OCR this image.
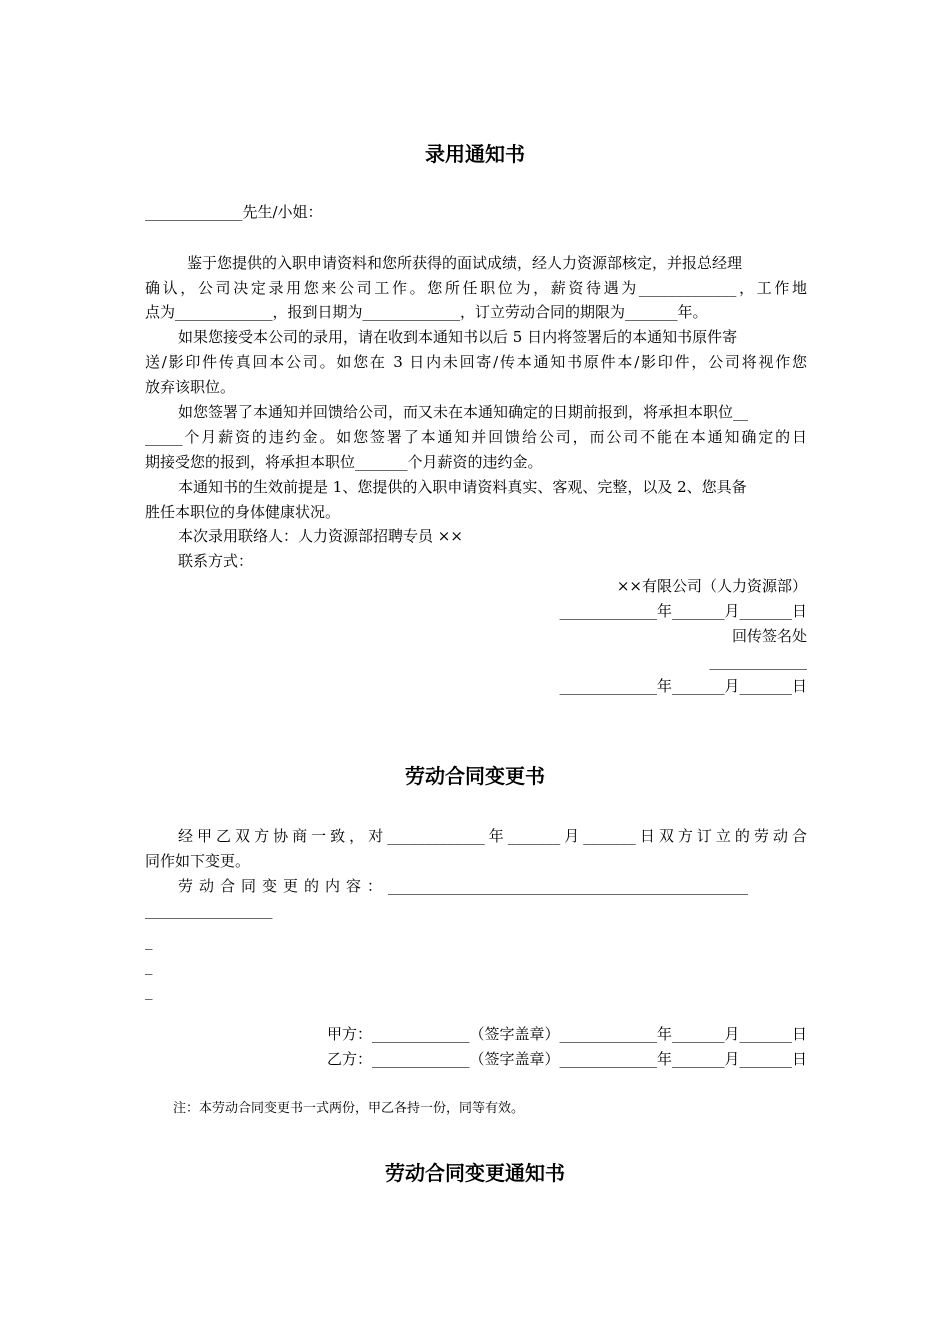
录用通知书
_____________先生/小姐：
鉴于您提供的入职申请资料和您所获得的面试成绩，经人力资源部核定，并报总经理
确认，公司决定录用您来公司工作。您所任职位为，薪资待遇为_____________，工作地
点为_____________，报到日期为_____________，订立劳动合同的期限为_______年。
如果您接受本公司的录用，请在收到本通知书以后 5 日内将签署后的本通知书原件寄
送/影印件传真回本公司。如您在 3 日内未回寄/传本通知书原件本/影印件，公司将视作您
放弃该职位。
如您签署了本通知并回馈给公司，而又未在本通知确定的日期前报到，将承担本职位__
_____个月薪资的违约金。如您签署了本通知并回馈给公司，而公司不能在本通知确定的日
期接受您的报到，将承担本职位_______个月薪资的违约金。
本通知书的生效前提是 1、您提供的入职申请资料真实、客观、完整，以及 2、您具备
胜任本职位的身体健康状况。
本次录用联络人：人力资源部招聘专员 ××
联系方式：
××有限公司（人力资源部）
_____________年_______月_______日
回传签名处
_____________
_____________年_______月_______日
劳动合同变更书
经甲乙双方协商一致，对_____________年_______月_______日双方订立的劳动合
同作如下变更。
劳动合同变更的内容：________________________________________________
_________________
_
_
_
甲方：_____________（签字盖章）_____________年_______月_______日
乙方：_____________（签字盖章）_____________年_______月_______日
注：本劳动合同变更书一式两份，甲乙各持一份，同等有效。
劳动合同变更通知书
